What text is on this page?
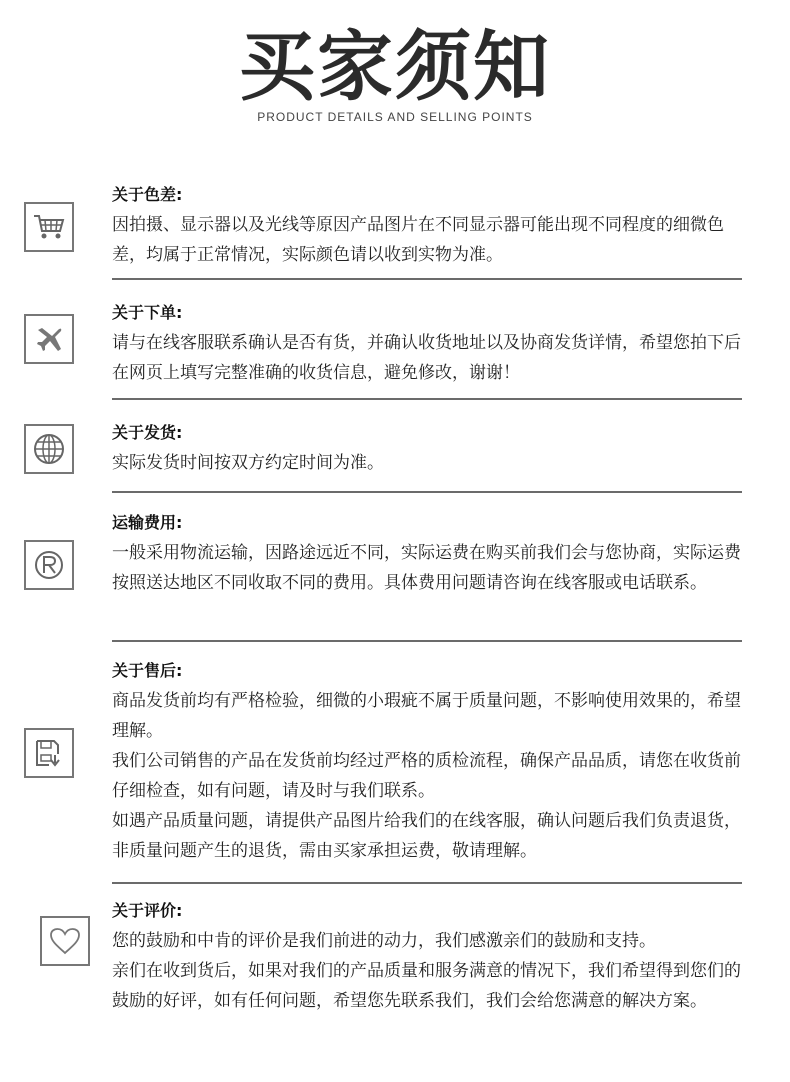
买家须知
PRODUCT DETAILS AND SELLING POINTS

关于色差:

因拍摄、显示器以及光线等原因产品图片在不同显示器可能出现不同程度的细微色差，均属于正常情况，实际颜色请以收到实物为准。

关于下单:

请与在线客服联系确认是否有货，并确认收货地址以及协商发货详情，希望您拍下后在网页上填写完整准确的收货信息，避免修改，谢谢！

关于发货:

实际发货时间按双方约定时间为准。

运输费用:

一般采用物流运输，因路途远近不同，实际运费在购买前我们会与您协商，实际运费按照送达地区不同收取不同的费用。具体费用问题请咨询在线客服或电话联系。

关于售后:

商品发货前均有严格检验，细微的小瑕疵不属于质量问题，不影响使用效果的，希望理解。

我们公司销售的产品在发货前均经过严格的质检流程，确保产品品质，请您在收货前仔细检查，如有问题，请及时与我们联系。

如遇产品质量问题，请提供产品图片给我们的在线客服，确认问题后我们负责退货，非质量问题产生的退货，需由买家承担运费，敬请理解。

关于评价:

您的鼓励和中肯的评价是我们前进的动力，我们感激亲们的鼓励和支持。

亲们在收到货后，如果对我们的产品质量和服务满意的情况下，我们希望得到您们的鼓励的好评，如有任何问题，希望您先联系我们，我们会给您满意的解决方案。
